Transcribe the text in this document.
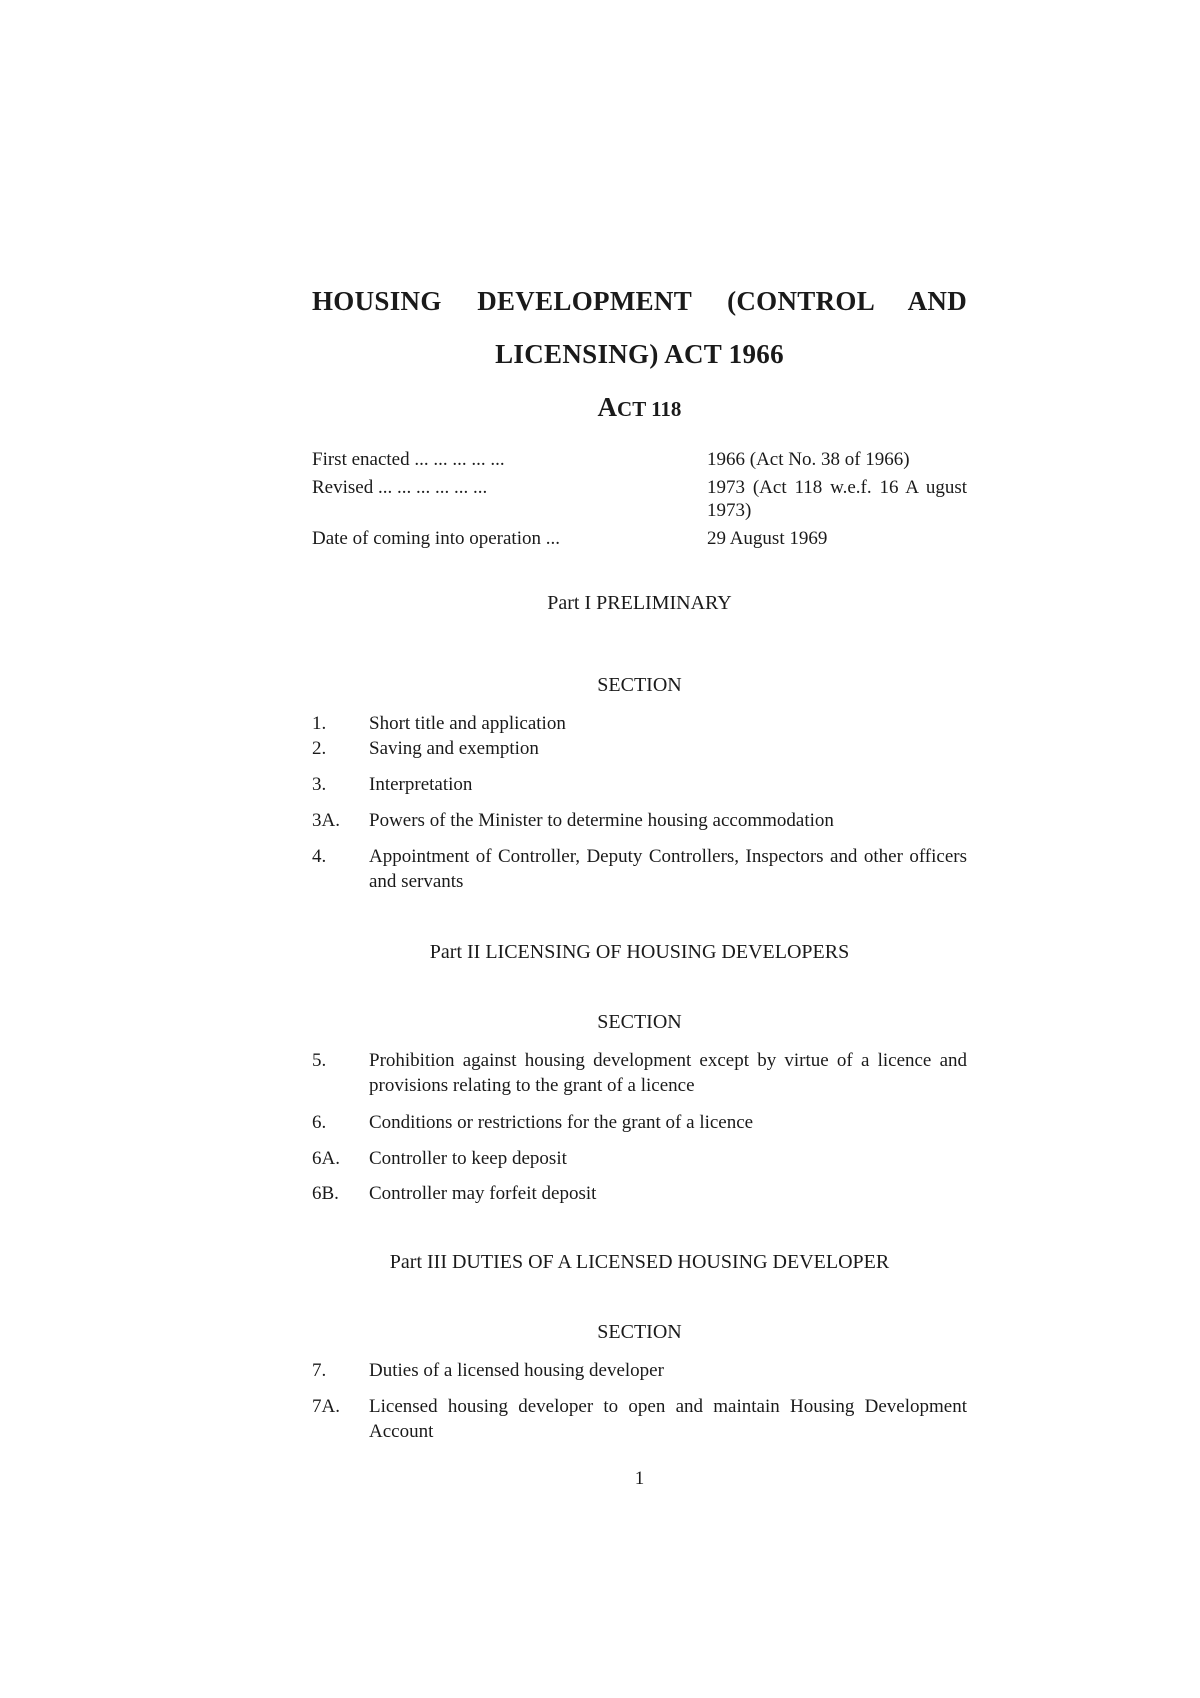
HOUSING DEVELOPMENT (CONTROL AND
LICENSING) ACT 1966
ACT 118
First enacted ... ... ... ... ...	1966 (Act No. 38 of 1966)
Revised ... ... ... ... ... ...	1973 (Act 118 w.e.f. 16 A ugust 1973)
Date of coming into operation ...	29 August 1969
Part I PRELIMINARY
SECTION
1.	Short title and application
2.	Saving and exemption
3.	Interpretation
3A.	Powers of the Minister to determine housing accommodation
4.	Appointment of Controller, Deputy Controllers, Inspectors and other officers and servants
Part II LICENSING OF HOUSING DEVELOPERS
SECTION
5.	Prohibition against housing development except by virtue of a licence and provisions relating to the grant of a licence
6.	Conditions or restrictions for the grant of a licence
6A.	Controller to keep deposit
6B.	Controller may forfeit deposit
Part III DUTIES OF A LICENSED HOUSING DEVELOPER
SECTION
7.	Duties of a licensed housing developer
7A.	Licensed housing developer to open and maintain Housing Development Account
1
